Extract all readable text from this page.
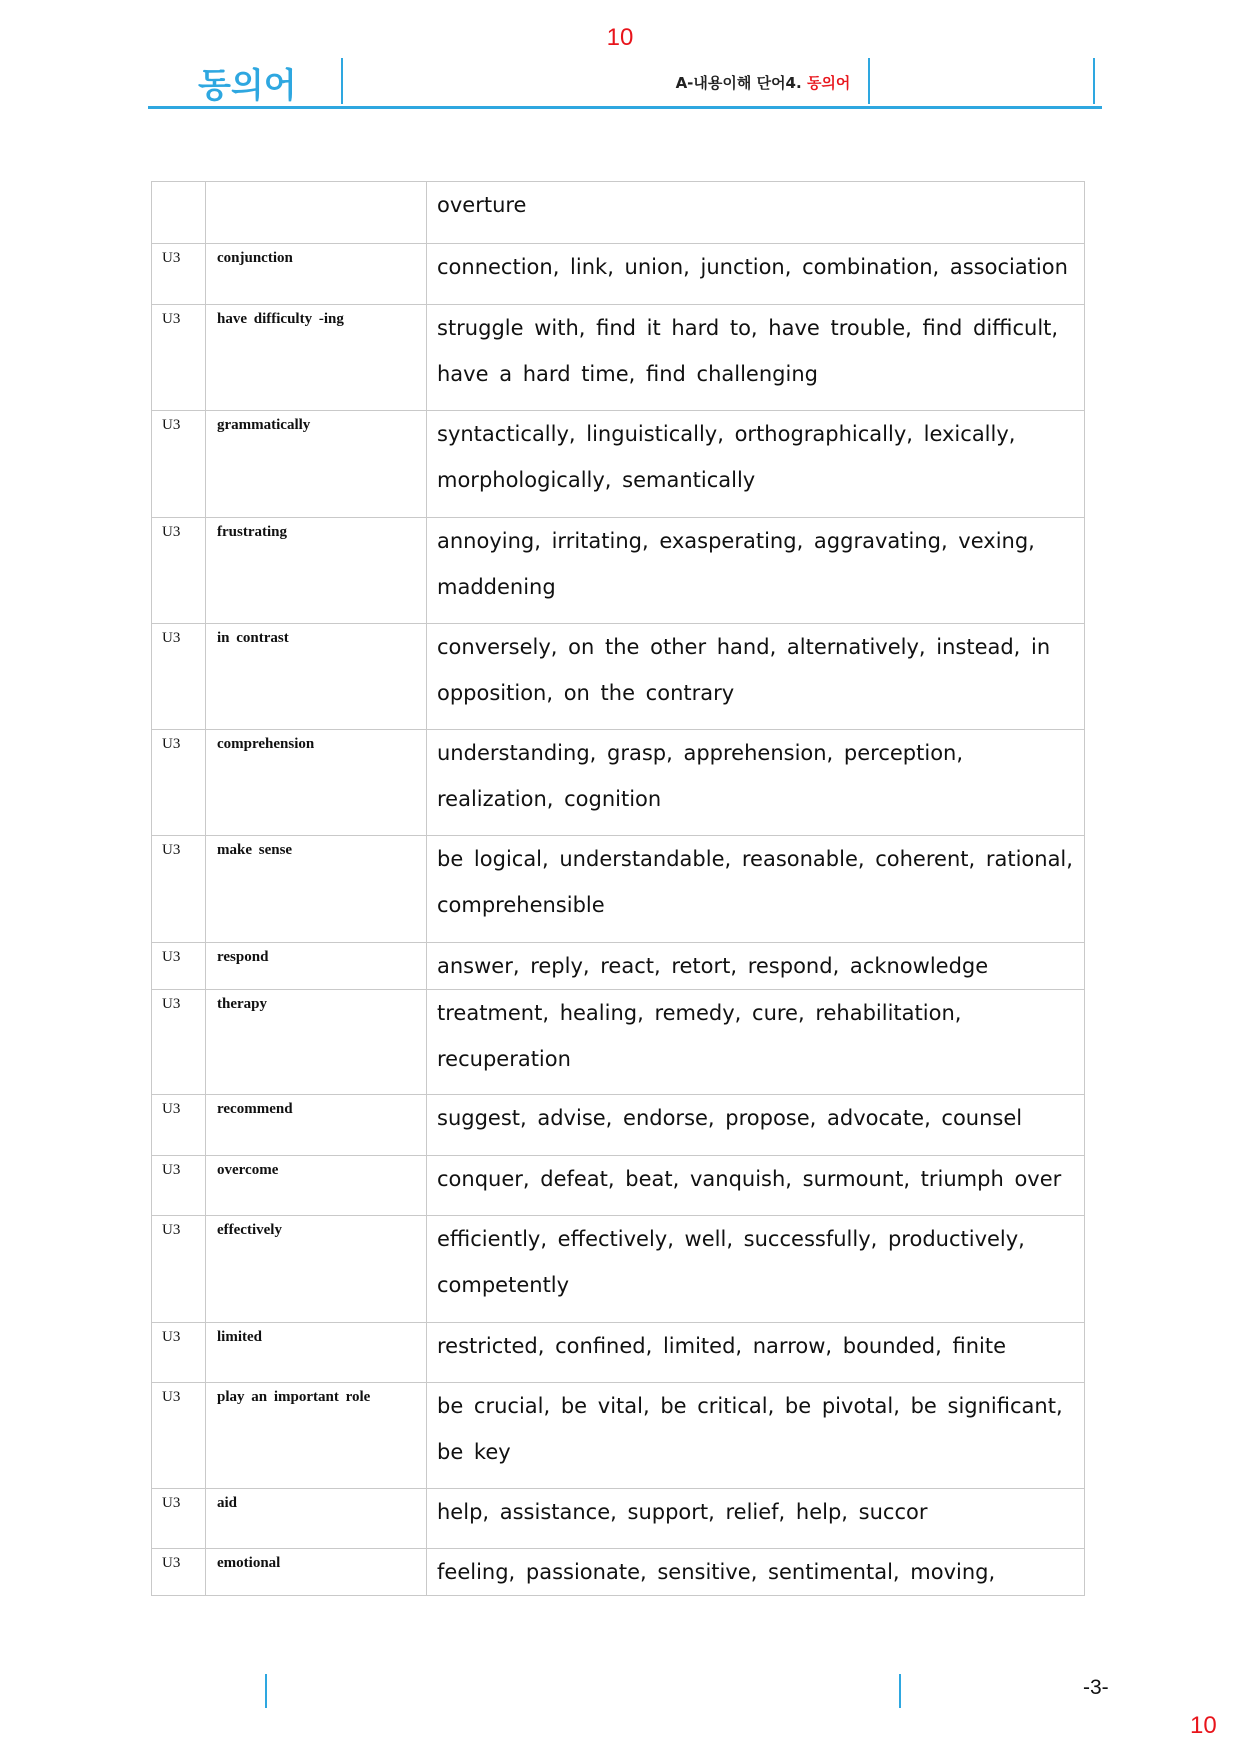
10
동의어	A-내용이해 단어4. 동의어
		overture
U3	conjunction	connection, link, union, junction, combination, association
U3	have difficulty -ing	struggle with, find it hard to, have trouble, find difficult, have a hard time, find challenging
U3	grammatically	syntactically, linguistically, orthographically, lexically, morphologically, semantically
U3	frustrating	annoying, irritating, exasperating, aggravating, vexing, maddening
U3	in contrast	conversely, on the other hand, alternatively, instead, in opposition, on the contrary
U3	comprehension	understanding, grasp, apprehension, perception, realization, cognition
U3	make sense	be logical, understandable, reasonable, coherent, rational, comprehensible
U3	respond	answer, reply, react, retort, respond, acknowledge
U3	therapy	treatment, healing, remedy, cure, rehabilitation, recuperation
U3	recommend	suggest, advise, endorse, propose, advocate, counsel
U3	overcome	conquer, defeat, beat, vanquish, surmount, triumph over
U3	effectively	efficiently, effectively, well, successfully, productively, competently
U3	limited	restricted, confined, limited, narrow, bounded, finite
U3	play an important role	be crucial, be vital, be critical, be pivotal, be significant, be key
U3	aid	help, assistance, support, relief, help, succor
U3	emotional	feeling, passionate, sensitive, sentimental, moving,
-3-
10
